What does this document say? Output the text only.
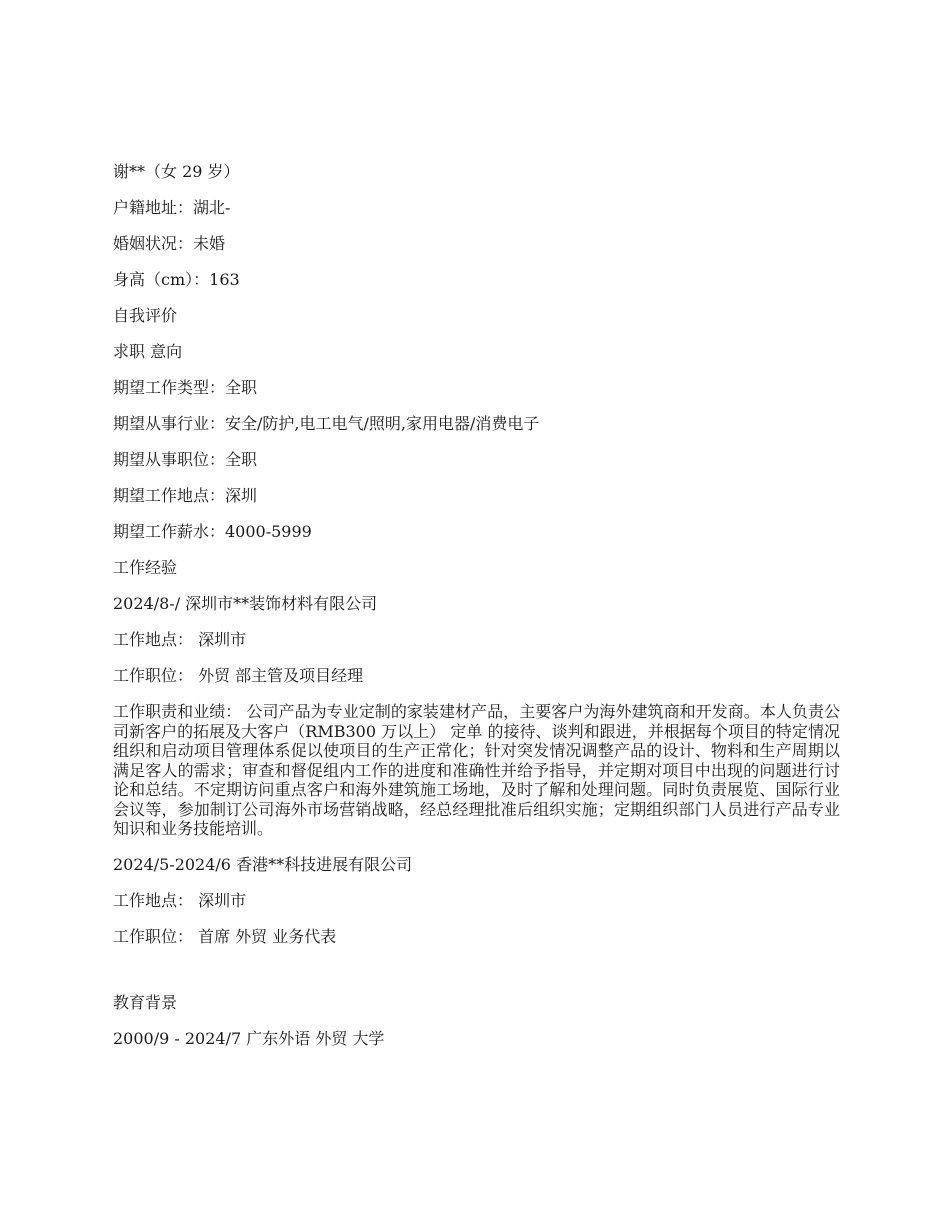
谢**（女 29 岁）
户籍地址：湖北-
婚姻状况：未婚
身高（cm）：163
自我评价
求职 意向
期望工作类型：全职
期望从事行业：安全/防护,电工电气/照明,家用电器/消费电子
期望从事职位：全职
期望工作地点：深圳
期望工作薪水：4000-5999
工作经验
2024/8-/ 深圳市**装饰材料有限公司
工作地点： 深圳市
工作职位： 外贸 部主管及项目经理
工作职责和业绩： 公司产品为专业定制的家装建材产品，主要客户为海外建筑商和开发商。本人负责公司新客户的拓展及大客户（RMB300 万以上） 定单 的接待、谈判和跟进，并根据每个项目的特定情况组织和启动项目管理体系促以使项目的生产正常化；针对突发情况调整产品的设计、物料和生产周期以满足客人的需求；审查和督促组内工作的进度和准确性并给予指导，并定期对项目中出现的问题进行讨论和总结。不定期访问重点客户和海外建筑施工场地，及时了解和处理问题。同时负责展览、国际行业会议等，参加制订公司海外市场营销战略，经总经理批准后组织实施；定期组织部门人员进行产品专业知识和业务技能培训。
2024/5-2024/6 香港**科技进展有限公司
工作地点： 深圳市
工作职位： 首席 外贸 业务代表
教育背景
2000/9 - 2024/7 广东外语 外贸 大学
